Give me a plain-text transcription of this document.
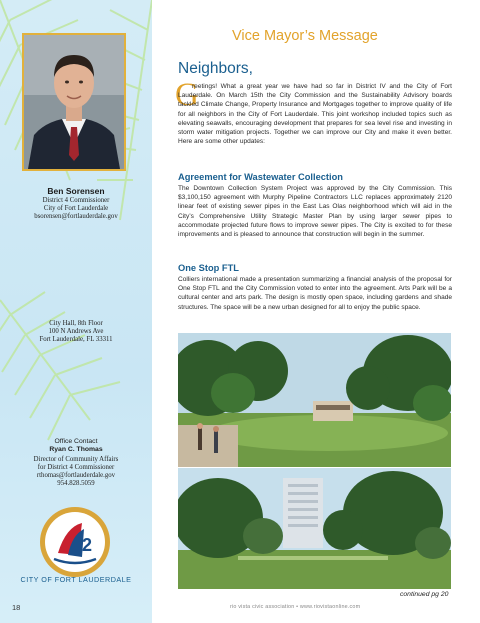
Ben Sorensen
District 4 Commissioner
City of Fort Lauderdale
bsorensen@fortlauderdale.gov
City Hall, 8th Floor
100 N Andrews Ave
Fort Lauderdale, FL 33311
Office Contact
Ryan C. Thomas
Director of Community Affairs
for District 4 Commissioner
rthomas@fortlauderdale.gov
954.828.5059
2
CITY OF FORT LAUDERDALE
Vice Mayor’s Message
Neighbors,
G
reetings! What a great year we have had so far in District IV and the City of Fort Lauderdale. On March 15th the City Commission and the Sustainability Advisory boards tackled Climate Change, Property Insurance and Mortgages together to improve quality of life for all neighbors in the City of Fort Lauderdale. This joint workshop included topics such as elevating seawalls, encouraging development that prepares for sea level rise and investing in storm water mitigation projects. Together we can improve our City and make it even better. Here are some other updates:
Agreement for Wastewater Collection
The Downtown Collection System Project was approved by the City Commission. This $3,100,150 agreement with Murphy Pipeline Contractors LLC replaces approximately 2120 linear feet of existing sewer pipes in the East Las Olas neighborhood which will aid in the City’s Comprehensive Utility Strategic Master Plan by using larger sewer pipes to accommodate projected future flows to improve sewer pipes. The City is excited to for these improvements and is pleased to announce that construction will begin in the summer.
One Stop FTL
Colliers international made a presentation summarizing a financial analysis of the proposal for One Stop FTL and the City Commission voted to enter into the agreement. Arts Park will be a cultural center and arts park. The design is mostly open space, including gardens and shade structures. The space will be a new urban designed for all to enjoy the public space.
continued pg 20
18	rio vista civic association • www.riovistaonline.com
